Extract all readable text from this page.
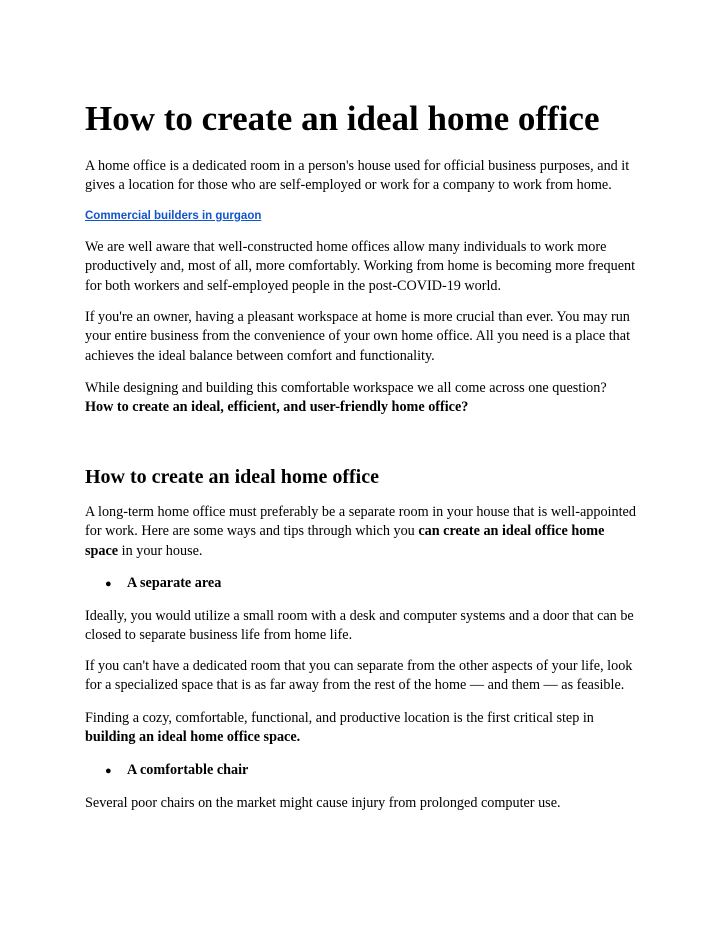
How to create an ideal home office

A home office is a dedicated room in a person's house used for official business purposes, and it gives a location for those who are self-employed or work for a company to work from home.

Commercial builders in gurgaon

We are well aware that well-constructed home offices allow many individuals to work more productively and, most of all, more comfortably. Working from home is becoming more frequent for both workers and self-employed people in the post-COVID-19 world.

If you're an owner, having a pleasant workspace at home is more crucial than ever. You may run your entire business from the convenience of your own home office. All you need is a place that achieves the ideal balance between comfort and functionality.

While designing and building this comfortable workspace we all come across one question?
How to create an ideal, efficient, and user-friendly home office?

How to create an ideal home office

A long-term home office must preferably be a separate room in your house that is well-appointed for work. Here are some ways and tips through which you can create an ideal office home space in your house.

● A separate area

Ideally, you would utilize a small room with a desk and computer systems and a door that can be closed to separate business life from home life.

If you can't have a dedicated room that you can separate from the other aspects of your life, look for a specialized space that is as far away from the rest of the home — and them — as feasible.

Finding a cozy, comfortable, functional, and productive location is the first critical step in
building an ideal home office space.

● A comfortable chair

Several poor chairs on the market might cause injury from prolonged computer use.
